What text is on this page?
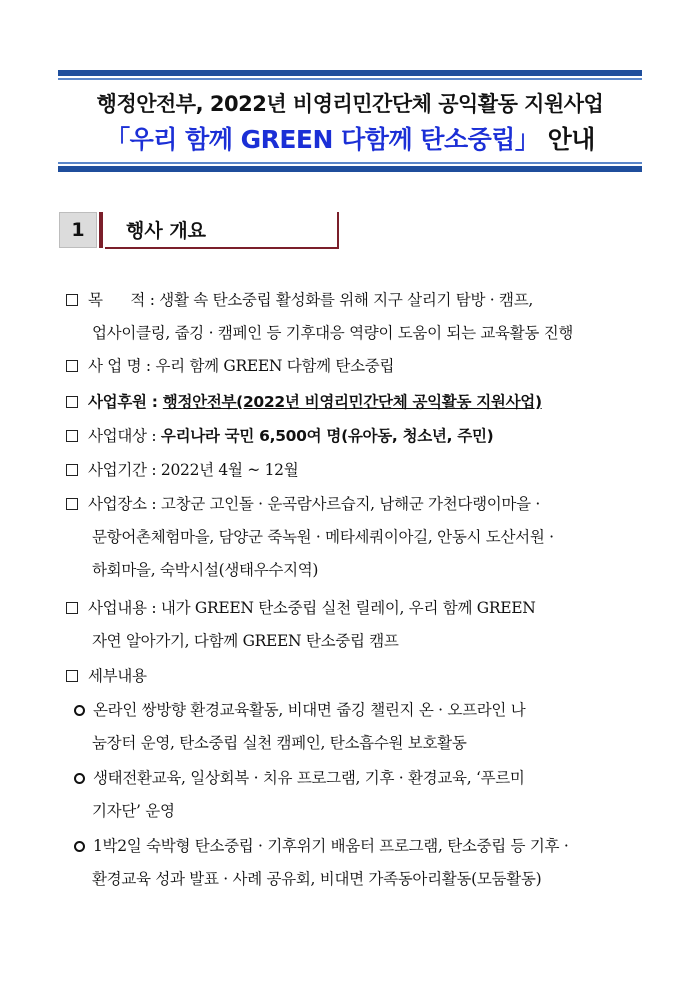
행정안전부, 2022년 비영리민간단체 공익활동 지원사업
「우리 함께 GREEN 다함께 탄소중립」 안내
1	행사 개요
목      적 : 생활 속 탄소중립 활성화를 위해 지구 살리기 탐방 · 캠프,
업사이클링, 줍깅 · 캠페인 등 기후대응 역량이 도움이 되는 교육활동 진행
사 업 명 : 우리 함께 GREEN 다함께 탄소중립
사업후원 : 행정안전부(2022년 비영리민간단체 공익활동 지원사업)
사업대상 : 우리나라 국민 6,500여 명(유아동, 청소년, 주민)
사업기간 : 2022년 4월 ~ 12월
사업장소 : 고창군 고인돌 · 운곡람사르습지, 남해군 가천다랭이마을 ·
문항어촌체험마을, 담양군 죽녹원 · 메타세쿼이아길, 안동시 도산서원 ·
하회마을, 숙박시설(생태우수지역)
사업내용 : 내가 GREEN 탄소중립 실천 릴레이, 우리 함께 GREEN
자연 알아가기, 다함께 GREEN 탄소중립 캠프
세부내용
온라인 쌍방향 환경교육활동, 비대면 줍깅 챌린지 온 · 오프라인 나
눔장터 운영, 탄소중립 실천 캠페인, 탄소흡수원 보호활동
생태전환교육, 일상회복 · 치유 프로그램, 기후 · 환경교육, ‘푸르미
기자단’ 운영
1박2일 숙박형 탄소중립 · 기후위기 배움터 프로그램, 탄소중립 등 기후 ·
환경교육 성과 발표 · 사례 공유회, 비대면 가족동아리활동(모둠활동)
